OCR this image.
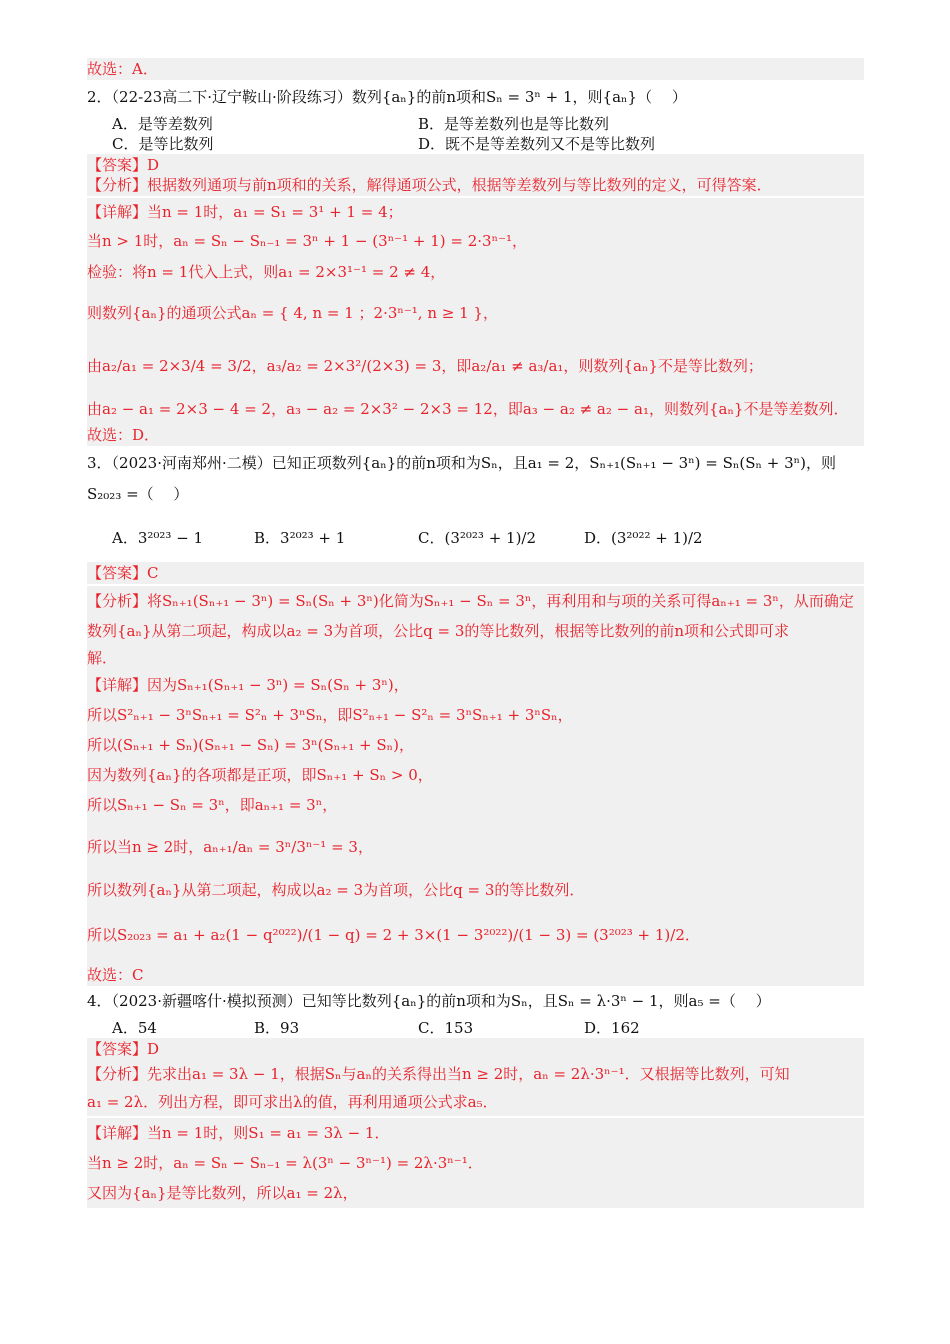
故选：A．
2．（22-23高二下·辽宁鞍山·阶段练习）数列{aₙ}的前n项和Sₙ = 3ⁿ + 1，则{aₙ}（　 ）
A．是等差数列	B．是等差数列也是等比数列
C．是等比数列	D．既不是等差数列又不是等比数列
【答案】D
【分析】根据数列通项与前n项和的关系，解得通项公式，根据等差数列与等比数列的定义，可得答案．
【详解】当n = 1时，a₁ = S₁ = 3¹ + 1 = 4；
当n > 1时，aₙ = Sₙ − Sₙ₋₁ = 3ⁿ + 1 − (3ⁿ⁻¹ + 1) = 2·3ⁿ⁻¹，
检验：将n = 1代入上式，则a₁ = 2×3¹⁻¹ = 2 ≠ 4，
则数列{aₙ}的通项公式aₙ = { 4, n = 1 ；2·3ⁿ⁻¹, n ≥ 1 }，
由a₂/a₁ = 2×3/4 = 3/2，a₃/a₂ = 2×3²/(2×3) = 3，即a₂/a₁ ≠ a₃/a₁，则数列{aₙ}不是等比数列；
由a₂ − a₁ = 2×3 − 4 = 2，a₃ − a₂ = 2×3² − 2×3 = 12，即a₃ − a₂ ≠ a₂ − a₁，则数列{aₙ}不是等差数列．
故选：D．
3．（2023·河南郑州·二模）已知正项数列{aₙ}的前n项和为Sₙ，且a₁ = 2，Sₙ₊₁(Sₙ₊₁ − 3ⁿ) = Sₙ(Sₙ + 3ⁿ)，则
S₂₀₂₃ =（　 ）
A．3²⁰²³ − 1	B．3²⁰²³ + 1	C．(3²⁰²³ + 1)/2	D．(3²⁰²² + 1)/2
【答案】C
【分析】将Sₙ₊₁(Sₙ₊₁ − 3ⁿ) = Sₙ(Sₙ + 3ⁿ)化简为Sₙ₊₁ − Sₙ = 3ⁿ，再利用和与项的关系可得aₙ₊₁ = 3ⁿ，从而确定
数列{aₙ}从第二项起，构成以a₂ = 3为首项，公比q = 3的等比数列，根据等比数列的前n项和公式即可求
解．
【详解】因为Sₙ₊₁(Sₙ₊₁ − 3ⁿ) = Sₙ(Sₙ + 3ⁿ)，
所以S²ₙ₊₁ − 3ⁿSₙ₊₁ = S²ₙ + 3ⁿSₙ，即S²ₙ₊₁ − S²ₙ = 3ⁿSₙ₊₁ + 3ⁿSₙ，
所以(Sₙ₊₁ + Sₙ)(Sₙ₊₁ − Sₙ) = 3ⁿ(Sₙ₊₁ + Sₙ)，
因为数列{aₙ}的各项都是正项，即Sₙ₊₁ + Sₙ > 0，
所以Sₙ₊₁ − Sₙ = 3ⁿ，即aₙ₊₁ = 3ⁿ，
所以当n ≥ 2时，aₙ₊₁/aₙ = 3ⁿ/3ⁿ⁻¹ = 3，
所以数列{aₙ}从第二项起，构成以a₂ = 3为首项，公比q = 3的等比数列．
所以S₂₀₂₃ = a₁ + a₂(1 − q²⁰²²)/(1 − q) = 2 + 3×(1 − 3²⁰²²)/(1 − 3) = (3²⁰²³ + 1)/2．
故选：C
4．（2023·新疆喀什·模拟预测）已知等比数列{aₙ}的前n项和为Sₙ，且Sₙ = λ·3ⁿ − 1，则a₅ =（　 ）
A．54	B．93	C．153	D．162
【答案】D
【分析】先求出a₁ = 3λ − 1，根据Sₙ与aₙ的关系得出当n ≥ 2时，aₙ = 2λ·3ⁿ⁻¹．又根据等比数列，可知
a₁ = 2λ．列出方程，即可求出λ的值，再利用通项公式求a₅．
【详解】当n = 1时，则S₁ = a₁ = 3λ − 1．
当n ≥ 2时，aₙ = Sₙ − Sₙ₋₁ = λ(3ⁿ − 3ⁿ⁻¹) = 2λ·3ⁿ⁻¹．
又因为{aₙ}是等比数列，所以a₁ = 2λ，
